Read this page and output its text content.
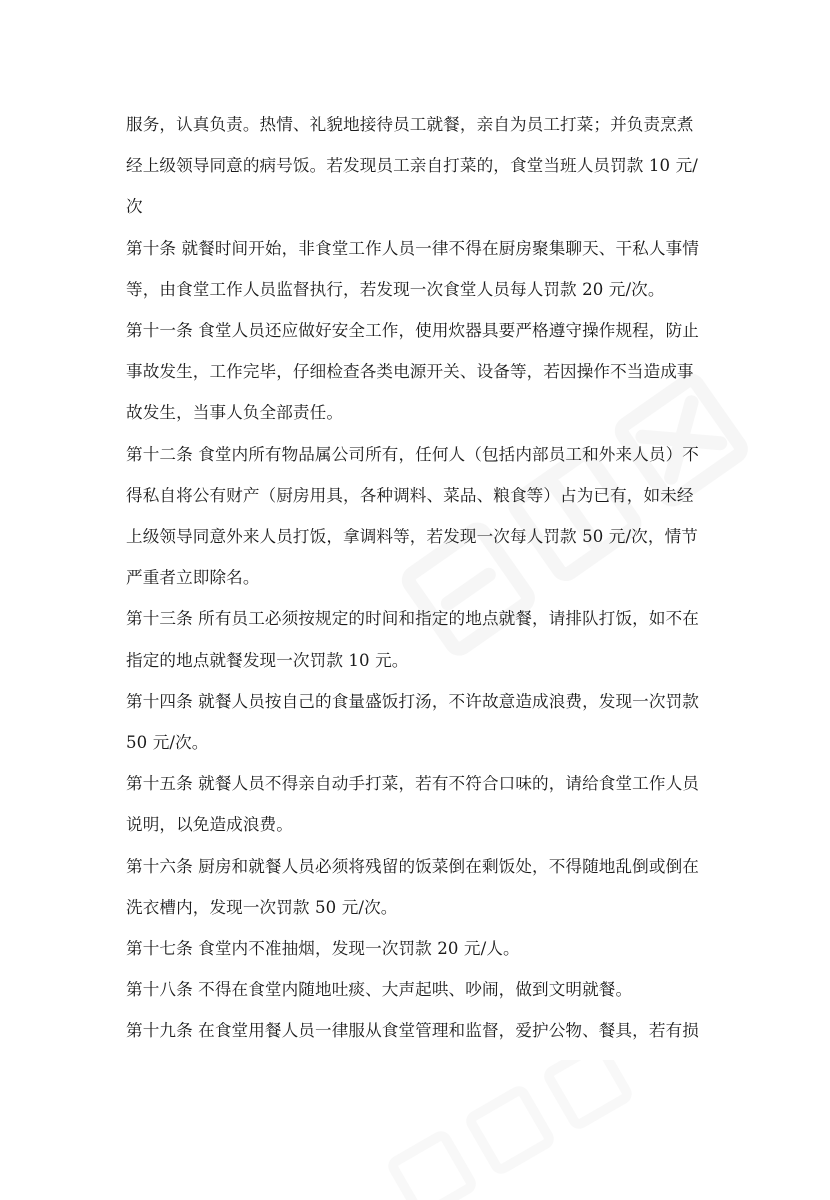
服务，认真负责。热情、礼貌地接待员工就餐，亲自为员工打菜；并负责烹煮经上级领导同意的病号饭。若发现员工亲自打菜的，食堂当班人员罚款 10 元/次

第十条 就餐时间开始，非食堂工作人员一律不得在厨房聚集聊天、干私人事情等，由食堂工作人员监督执行，若发现一次食堂人员每人罚款 20 元/次。

第十一条 食堂人员还应做好安全工作，使用炊器具要严格遵守操作规程，防止事故发生，工作完毕，仔细检查各类电源开关、设备等，若因操作不当造成事故发生，当事人负全部责任。

第十二条 食堂内所有物品属公司所有，任何人（包括内部员工和外来人员）不得私自将公有财产（厨房用具，各种调料、菜品、粮食等）占为已有，如未经上级领导同意外来人员打饭，拿调料等，若发现一次每人罚款 50 元/次，情节严重者立即除名。

第十三条 所有员工必须按规定的时间和指定的地点就餐，请排队打饭，如不在指定的地点就餐发现一次罚款 10 元。

第十四条 就餐人员按自己的食量盛饭打汤，不许故意造成浪费，发现一次罚款 50 元/次。

第十五条 就餐人员不得亲自动手打菜，若有不符合口味的，请给食堂工作人员说明，以免造成浪费。

第十六条 厨房和就餐人员必须将残留的饭菜倒在剩饭处，不得随地乱倒或倒在洗衣槽内，发现一次罚款 50 元/次。

第十七条 食堂内不准抽烟，发现一次罚款 20 元/人。

第十八条 不得在食堂内随地吐痰、大声起哄、吵闹，做到文明就餐。

第十九条 在食堂用餐人员一律服从食堂管理和监督，爱护公物、餐具，若有损
